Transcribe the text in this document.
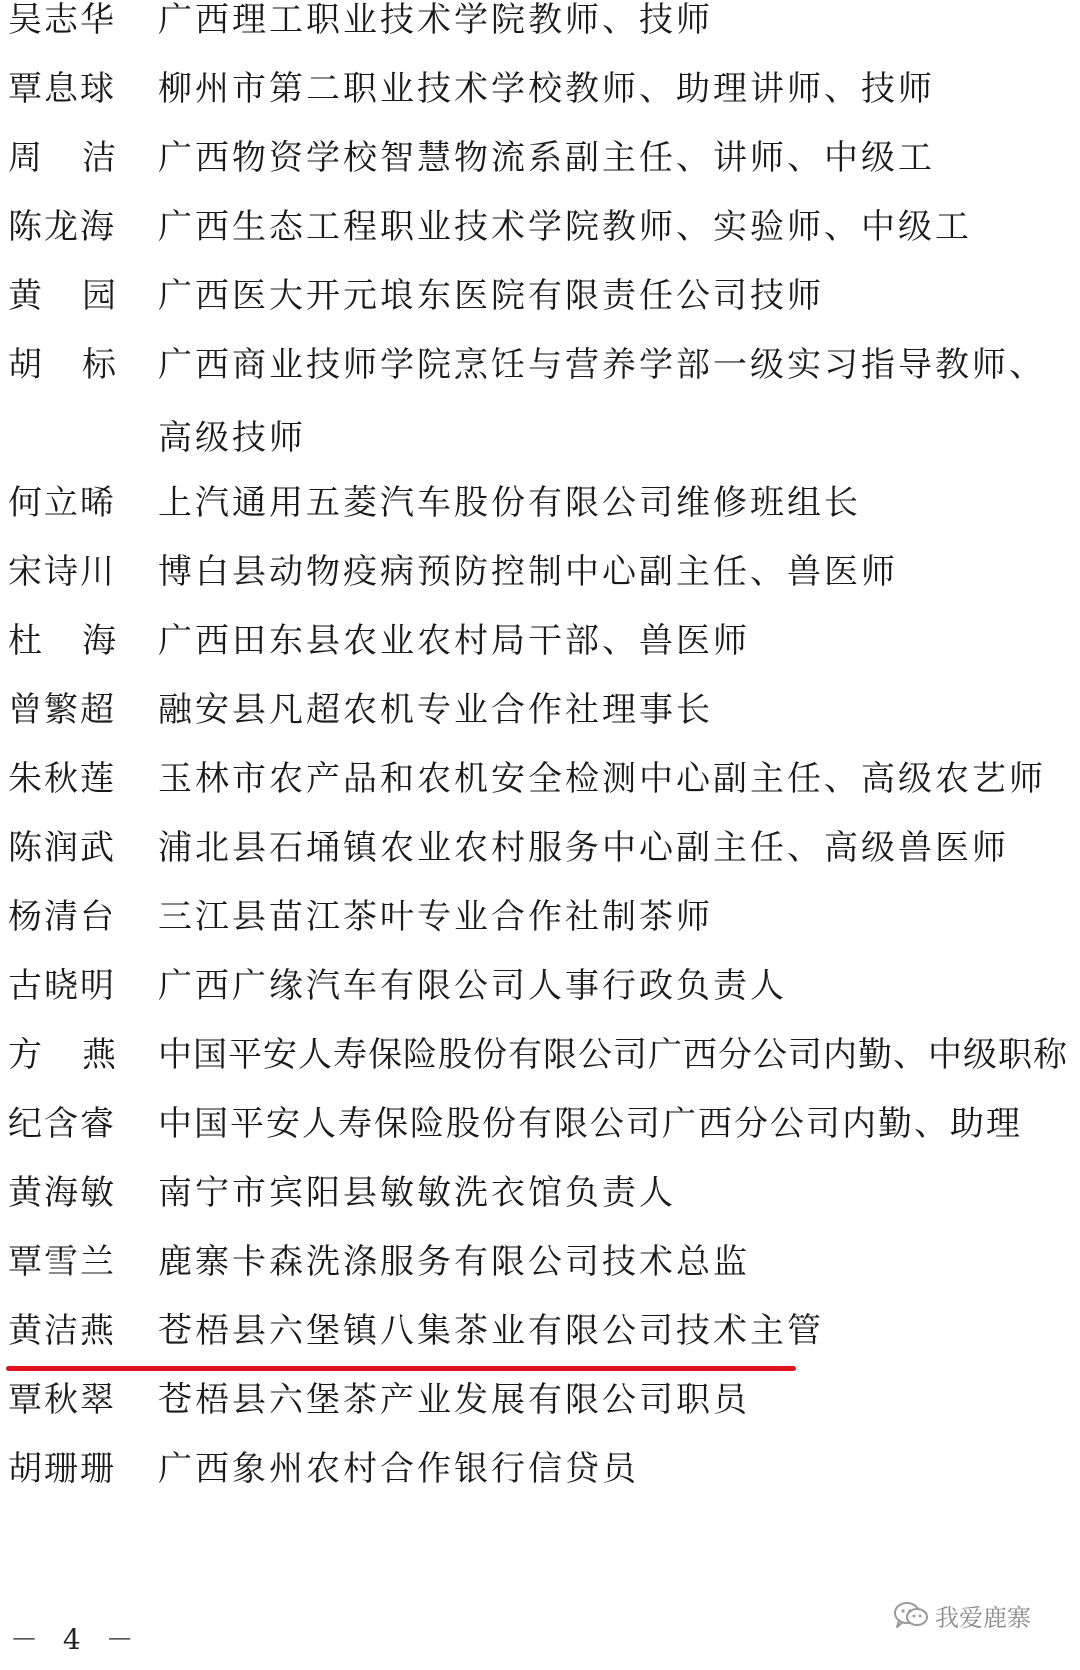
吴志华 广西理工职业技术学院教师、技师
覃息球 柳州市第二职业技术学校教师、助理讲师、技师
周 洁 广西物资学校智慧物流系副主任、讲师、中级工
陈龙海 广西生态工程职业技术学院教师、实验师、中级工
黄 园 广西医大开元埌东医院有限责任公司技师
胡 标 广西商业技师学院烹饪与营养学部一级实习指导教师、
高级技师
何立晞 上汽通用五菱汽车股份有限公司维修班组长
宋诗川 博白县动物疫病预防控制中心副主任、兽医师
杜 海 广西田东县农业农村局干部、兽医师
曾繁超 融安县凡超农机专业合作社理事长
朱秋莲 玉林市农产品和农机安全检测中心副主任、高级农艺师
陈润武 浦北县石埇镇农业农村服务中心副主任、高级兽医师
杨清台 三江县苗江茶叶专业合作社制茶师
古晓明 广西广缘汽车有限公司人事行政负责人
方 燕 中国平安人寿保险股份有限公司广西分公司内勤、中级职称
纪含睿 中国平安人寿保险股份有限公司广西分公司内勤、助理
黄海敏 南宁市宾阳县敏敏洗衣馆负责人
覃雪兰 鹿寨卡森洗涤服务有限公司技术总监
黄洁燕 苍梧县六堡镇八集茶业有限公司技术主管
覃秋翠 苍梧县六堡茶产业发展有限公司职员
胡珊珊 广西象州农村合作银行信贷员
－ 4 －
我爱鹿寨
